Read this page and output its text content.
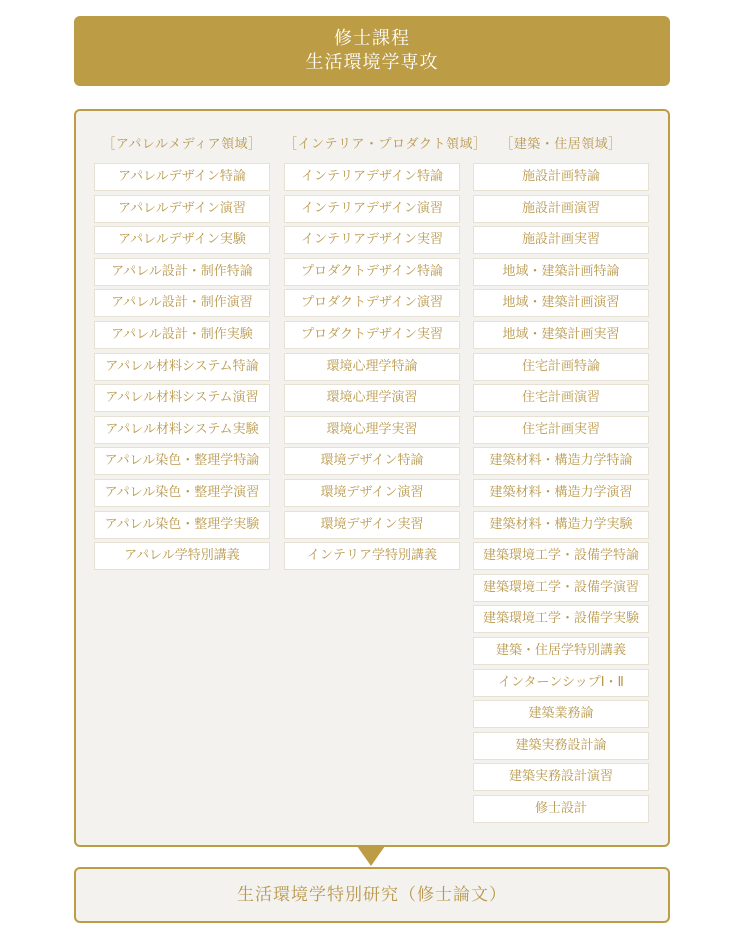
修士課程
生活環境学専攻
［アパレルメディア領域］
アパレルデザイン特論
アパレルデザイン演習
アパレルデザイン実験
アパレル設計・制作特論
アパレル設計・制作演習
アパレル設計・制作実験
アパレル材料システム特論
アパレル材料システム演習
アパレル材料システム実験
アパレル染色・整理学特論
アパレル染色・整理学演習
アパレル染色・整理学実験
アパレル学特別講義
［インテリア・プロダクト領域］
インテリアデザイン特論
インテリアデザイン演習
インテリアデザイン実習
プロダクトデザイン特論
プロダクトデザイン演習
プロダクトデザイン実習
環境心理学特論
環境心理学演習
環境心理学実習
環境デザイン特論
環境デザイン演習
環境デザイン実習
インテリア学特別講義
［建築・住居領域］
施設計画特論
施設計画演習
施設計画実習
地域・建築計画特論
地域・建築計画演習
地域・建築計画実習
住宅計画特論
住宅計画演習
住宅計画実習
建築材料・構造力学特論
建築材料・構造力学演習
建築材料・構造力学実験
建築環境工学・設備学特論
建築環境工学・設備学演習
建築環境工学・設備学実験
建築・住居学特別講義
インターンシップⅠ・Ⅱ
建築業務論
建築実務設計論
建築実務設計演習
修士設計
生活環境学特別研究（修士論文）
